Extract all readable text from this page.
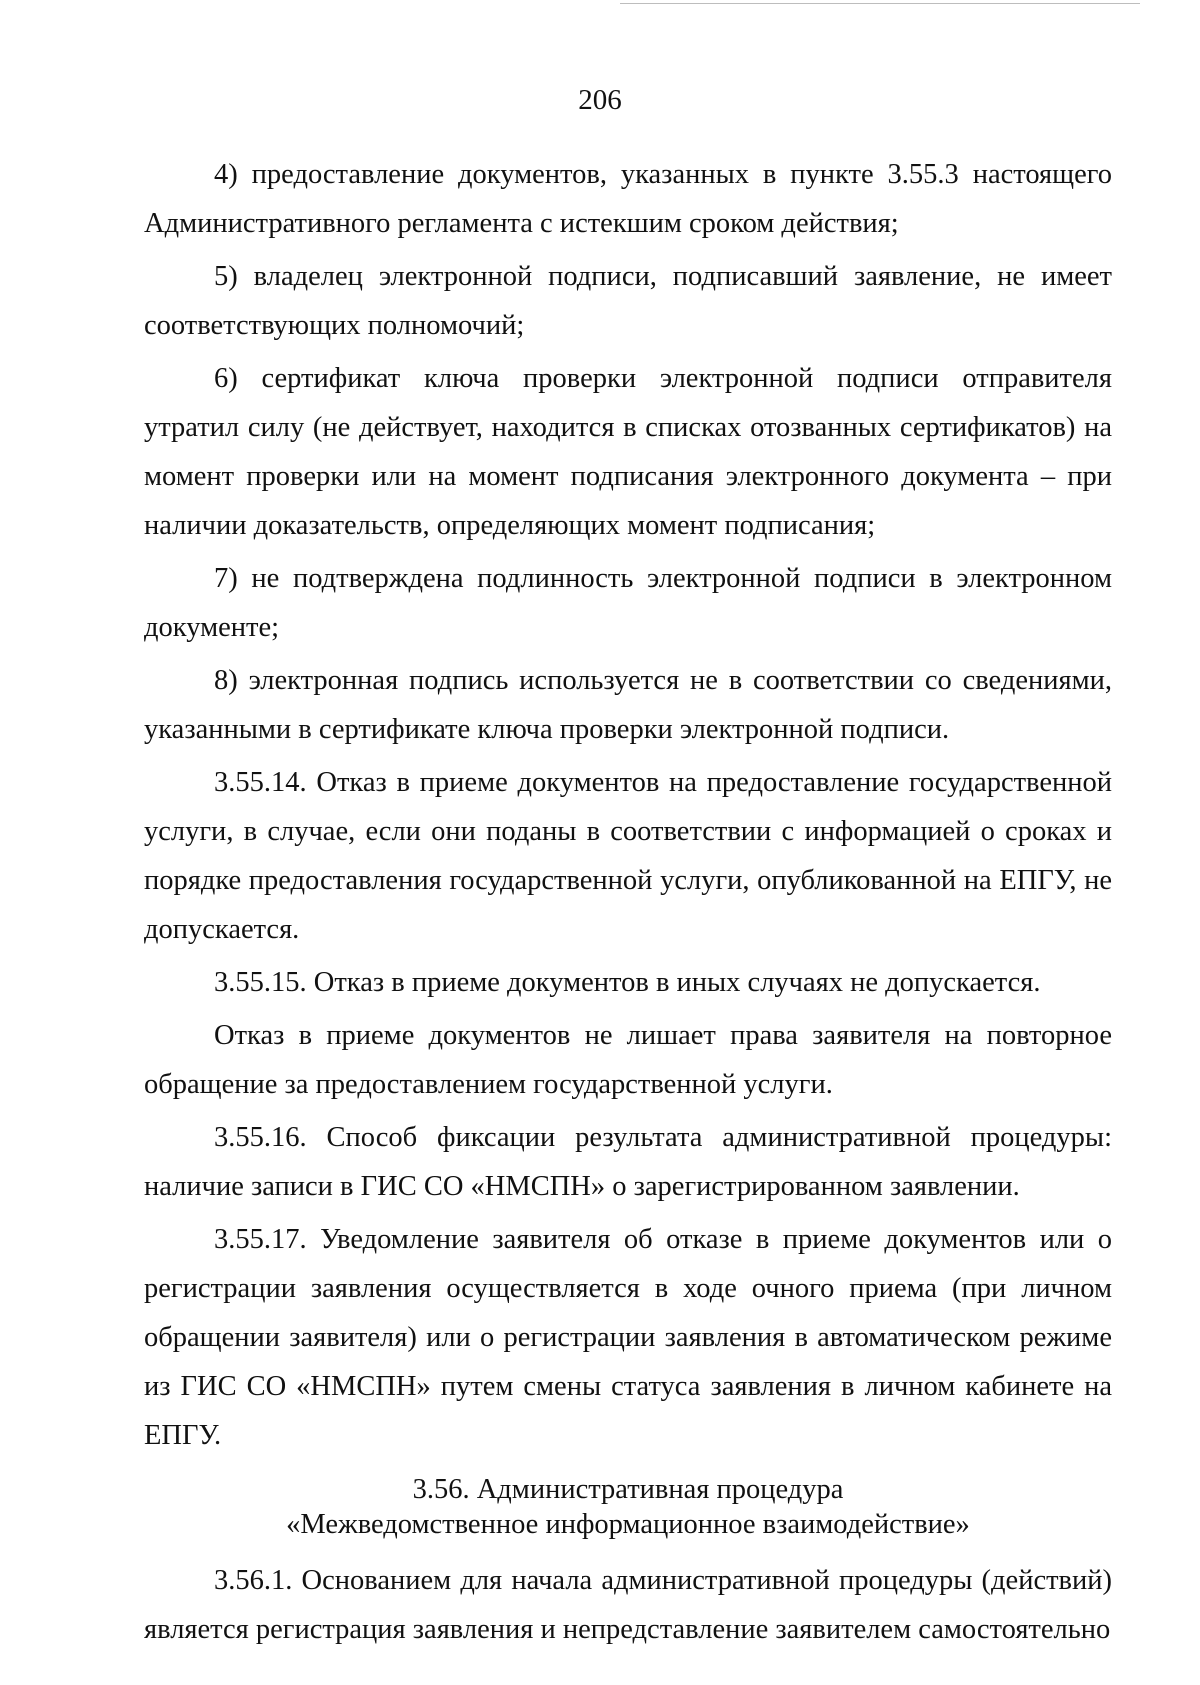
206

4) предоставление документов, указанных в пункте 3.55.3 настоящего Административного регламента с истекшим сроком действия;

5) владелец электронной подписи, подписавший заявление, не имеет соответствующих полномочий;

6) сертификат ключа проверки электронной подписи отправителя утратил силу (не действует, находится в списках отозванных сертификатов) на момент проверки или на момент подписания электронного документа – при наличии доказательств, определяющих момент подписания;

7) не подтверждена подлинность электронной подписи в электронном документе;

8) электронная подпись используется не в соответствии со сведениями, указанными в сертификате ключа проверки электронной подписи.

3.55.14. Отказ в приеме документов на предоставление государственной услуги, в случае, если они поданы в соответствии с информацией о сроках и порядке предоставления государственной услуги, опубликованной на ЕПГУ, не допускается.

3.55.15. Отказ в приеме документов в иных случаях не допускается.

Отказ в приеме документов не лишает права заявителя на повторное обращение за предоставлением государственной услуги.

3.55.16. Способ фиксации результата административной процедуры: наличие записи в ГИС СО «НМСПН» о зарегистрированном заявлении.

3.55.17. Уведомление заявителя об отказе в приеме документов или о регистрации заявления осуществляется в ходе очного приема (при личном обращении заявителя) или о регистрации заявления в автоматическом режиме из ГИС СО «НМСПН» путем смены статуса заявления в личном кабинете на ЕПГУ.

3.56. Административная процедура
«Межведомственное информационное взаимодействие»

3.56.1. Основанием для начала административной процедуры (действий) является регистрация заявления и непредставление заявителем самостоятельно
